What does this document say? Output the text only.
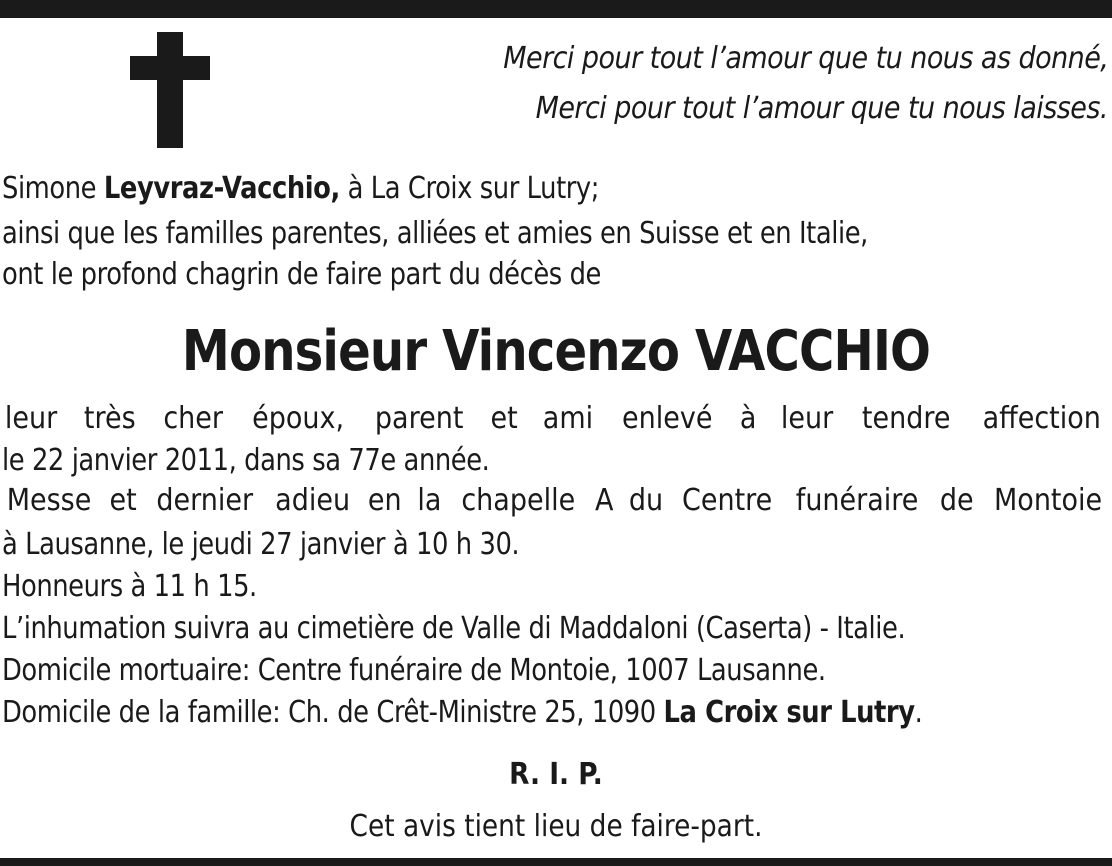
Merci pour tout l’amour que tu nous as donné,
Merci pour tout l’amour que tu nous laisses.
Simone Leyvraz-Vacchio, à La Croix sur Lutry;
ainsi que les familles parentes, alliées et amies en Suisse et en Italie,
ont le profond chagrin de faire part du décès de
Monsieur Vincenzo VACCHIO
leur très cher époux, parent et ami enlevé à leur tendre affection
le 22 janvier 2011, dans sa 77e année.
Messe et dernier adieu en la chapelle A du Centre funéraire de Montoie
à Lausanne, le jeudi 27 janvier à 10 h 30.
Honneurs à 11 h 15.
L’inhumation suivra au cimetière de Valle di Maddaloni (Caserta) - Italie.
Domicile mortuaire: Centre funéraire de Montoie, 1007 Lausanne.
Domicile de la famille: Ch. de Crêt-Ministre 25, 1090 La Croix sur Lutry.
R. I. P.
Cet avis tient lieu de faire-part.
